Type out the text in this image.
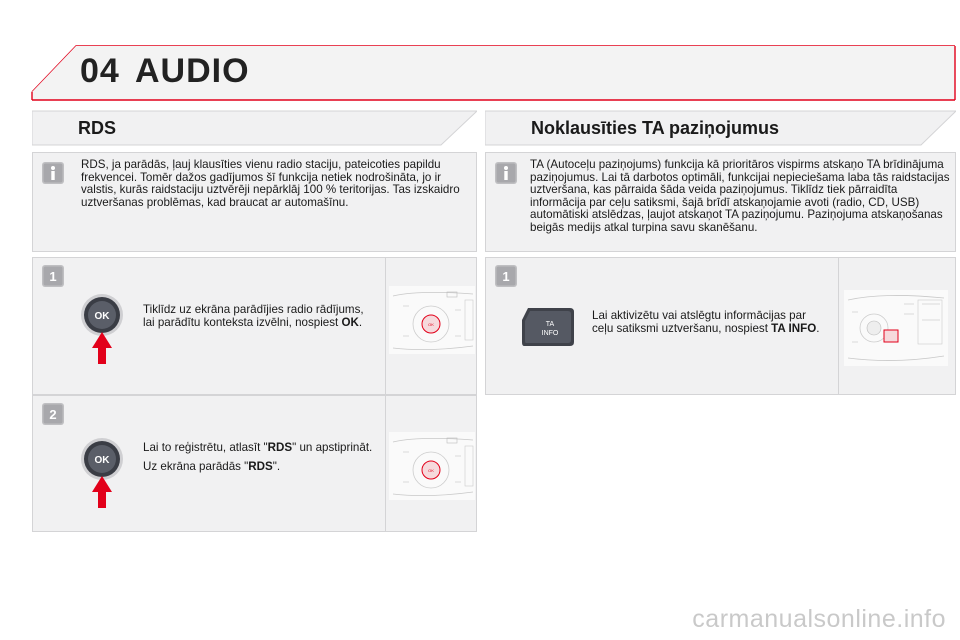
04 AUDIO
RDS	Noklausīties TA paziņojumus
RDS, ja parādās, ļauj klausīties vienu radio staciju, pateicoties papildu frekvencei. Tomēr dažos gadījumos šī funkcija netiek nodrošināta, jo ir valstis, kurās raidstaciju uztvērēji nepārklāj 100 % teritorijas. Tas izskaidro uztveršanas problēmas, kad braucat ar automašīnu.
TA (Autoceļu paziņojums) funkcija kā prioritāros vispirms atskaņo TA brīdinājuma paziņojumus. Lai tā darbotos optimāli, funkcijai nepieciešama laba tās raidstacijas uztveršana, kas pārraida šāda veida paziņojumus. Tiklīdz tiek pārraidīta informācija par ceļu satiksmi, šajā brīdī atskaņojamie avoti (radio, CD, USB) automātiski atslēdzas, ļaujot atskaņot TA paziņojumu. Paziņojuma atskaņošanas beigās medijs atkal turpina savu skanēšanu.
1
OK
Tiklīdz uz ekrāna parādījies radio rādījums, lai parādītu konteksta izvēlni, nospiest OK.	OK
2
OK
Lai to reģistrētu, atlasīt "RDS" un apstiprināt.
Uz ekrāna parādās "RDS".	OK
1
TA
INFO
Lai aktivizētu vai atslēgtu informācijas par ceļu satiksmi uztveršanu, nospiest TA INFO.
carmanualsonline.info
